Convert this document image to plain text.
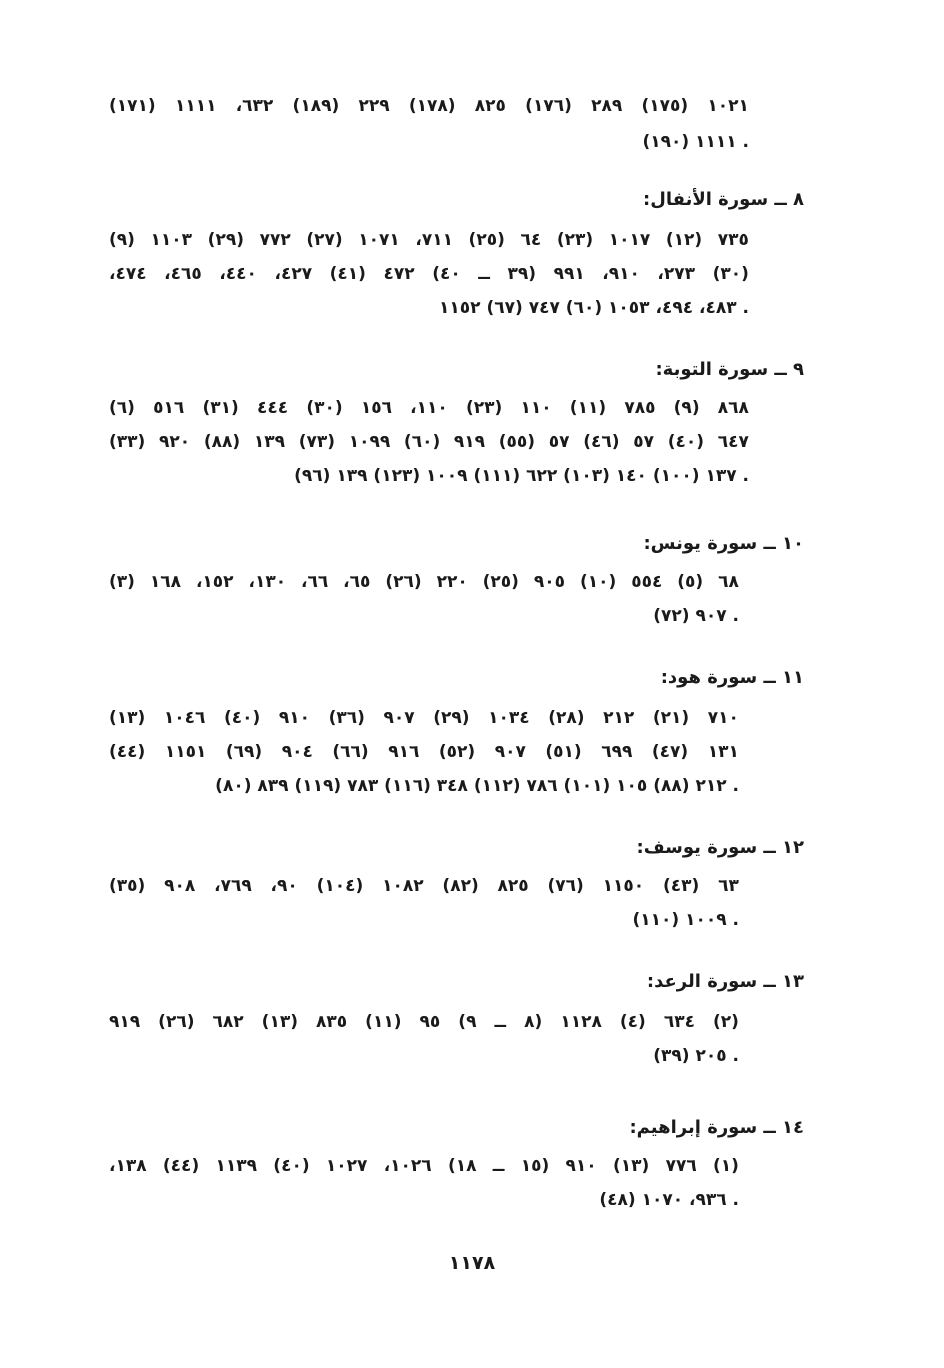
(١٧١) ١٠٢١ (١٧٥) ٢٨٩ (١٧٦) ٨٢٥ (١٧٨) ٢٢٩ (١٨٩) ٦٣٢، ١١١١
(١٩٠) ١١١١ .
٨ ــ سورة الأنفال:
(٩) ٧٣٥ (١٢) ١٠١٧ (٢٣) ٦٤ (٢٥) ٧١١، ١٠٧١ (٢٧) ٧٧٢ (٢٩) ١١٠٣
(٣٠) ٢٧٣، ٩١٠، ٩٩١ (٣٩ ــ ٤٠) ٤٧٢ (٤١) ٤٢٧، ٤٤٠، ٤٦٥، ٤٧٤،
٤٨٣، ٤٩٤، ١٠٥٣ (٦٠) ٧٤٧ (٦٧) ١١٥٢ .
٩ ــ سورة التوبة:
(٦) ٨٦٨ (٩) ٧٨٥ (١١) ١١٠ (٢٣) ١١٠، ١٥٦ (٣٠) ٤٤٤ (٣١) ٥١٦
(٣٣) ٦٤٧ (٤٠) ٥٧ (٤٦) ٥٧ (٥٥) ٩١٩ (٦٠) ١٠٩٩ (٧٣) ١٣٩ (٨٨) ٩٢٠
(٩٦) ١٣٧ (١٠٠) ١٤٠ (١٠٣) ٦٢٢ (١١١) ١٠٠٩ (١٢٣) ١٣٩ .
١٠ ــ سورة يونس:
(٣) ٦٨ (٥) ٥٥٤ (١٠) ٩٠٥ (٢٥) ٢٢٠ (٢٦) ٦٥، ٦٦، ١٣٠، ١٥٢، ١٦٨
(٧٢) ٩٠٧ .
١١ ــ سورة هود:
(١٣) ٧١٠ (٢١) ٢١٢ (٢٨) ١٠٣٤ (٢٩) ٩٠٧ (٣٦) ٩١٠ (٤٠) ١٠٤٦
(٤٤) ١٣١ (٤٧) ٦٩٩ (٥١) ٩٠٧ (٥٢) ٩١٦ (٦٦) ٩٠٤ (٦٩) ١١٥١
(٨٠) ٢١٢ (٨٨) ١٠٥ (١٠١) ٧٨٦ (١١٢) ٣٤٨ (١١٦) ٧٨٣ (١١٩) ٨٣٩ .
١٢ ــ سورة يوسف:
(٣٥) ٦٣ (٤٣) ١١٥٠ (٧٦) ٨٢٥ (٨٢) ١٠٨٢ (١٠٤) ٩٠، ٧٦٩، ٩٠٨
(١١٠) ١٠٠٩ .
١٣ ــ سورة الرعد:
(٢) ٦٣٤ (٤) ١١٢٨ (٨ ــ ٩) ٩٥ (١١) ٨٣٥ (١٣) ٦٨٢ (٢٦) ٩١٩
(٣٩) ٢٠٥ .
١٤ ــ سورة إبراهيم:
(١) ٧٧٦ (١٣) ٩١٠ (١٥ ــ ١٨) ١٠٢٦، ١٠٢٧ (٤٠) ١١٣٩ (٤٤) ١٣٨،
(٤٨) ٩٣٦، ١٠٧٠ .
١١٧٨
